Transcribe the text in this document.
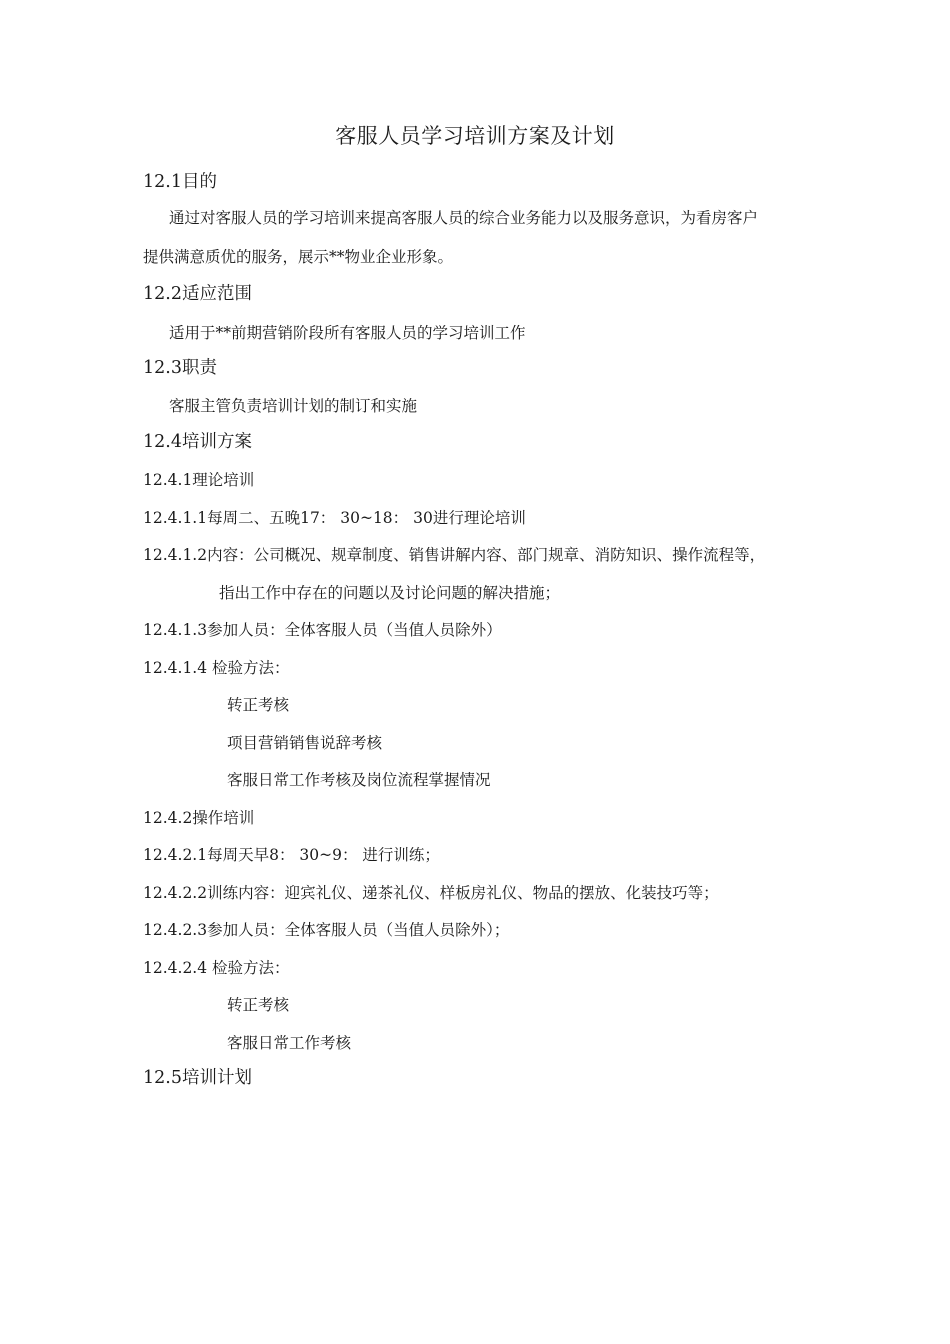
客服人员学习培训方案及计划
12.1目的
通过对客服人员的学习培训来提高客服人员的综合业务能力以及服务意识，为看房客户
提供满意质优的服务，展示**物业企业形象。
12.2适应范围
适用于**前期营销阶段所有客服人员的学习培训工作
12.3职责
客服主管负责培训计划的制订和实施
12.4培训方案
12.4.1理论培训
12.4.1.1每周二、五晚17： 30~18： 30进行理论培训
12.4.1.2内容：公司概况、规章制度、销售讲解内容、部门规章、消防知识、操作流程等，
指出工作中存在的问题以及讨论问题的解决措施；
12.4.1.3参加人员：全体客服人员（当值人员除外）
12.4.1.4 检验方法：
转正考核
项目营销销售说辞考核
客服日常工作考核及岗位流程掌握情况
12.4.2操作培训
12.4.2.1每周天早8： 30~9： 进行训练；
12.4.2.2训练内容：迎宾礼仪、递茶礼仪、样板房礼仪、物品的摆放、化装技巧等；
12.4.2.3参加人员：全体客服人员（当值人员除外）；
12.4.2.4 检验方法：
转正考核
客服日常工作考核
12.5培训计划
